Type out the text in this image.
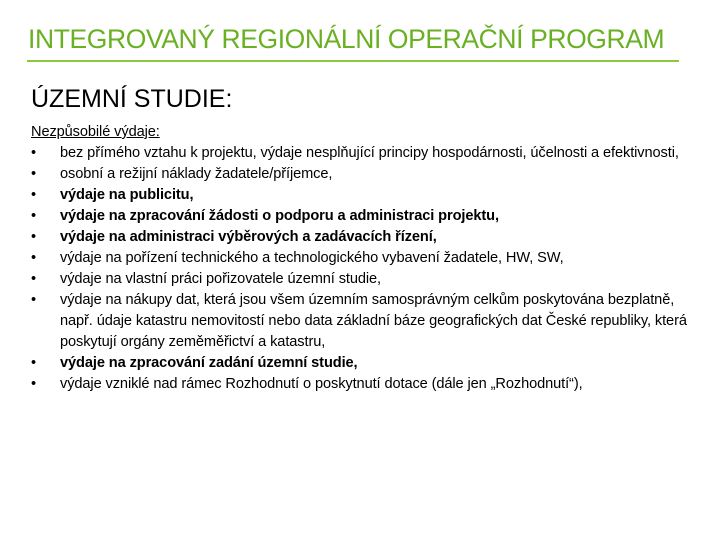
INTEGROVANÝ REGIONÁLNÍ OPERAČNÍ PROGRAM
ÚZEMNÍ STUDIE:
Nezpůsobilé výdaje:
•	bez přímého vztahu k projektu, výdaje nesplňující principy hospodárnosti, účelnosti a efektivnosti,
•	osobní a režijní náklady žadatele/příjemce,
•	výdaje na publicitu,
•	výdaje na zpracování žádosti o podporu a administraci projektu,
•	výdaje na administraci výběrových a zadávacích řízení,
•	výdaje na pořízení technického a technologického vybavení žadatele, HW, SW,
•	výdaje na vlastní práci pořizovatele územní studie,
•	výdaje na nákupy dat, která jsou všem územním samosprávným celkům poskytována bezplatně, např. údaje katastru nemovitostí nebo data základní báze geografických dat České republiky, která poskytují orgány zeměměřictví a katastru,
•	výdaje na zpracování zadání územní studie,
•	výdaje vzniklé nad rámec Rozhodnutí o poskytnutí dotace (dále jen „Rozhodnutí“),
